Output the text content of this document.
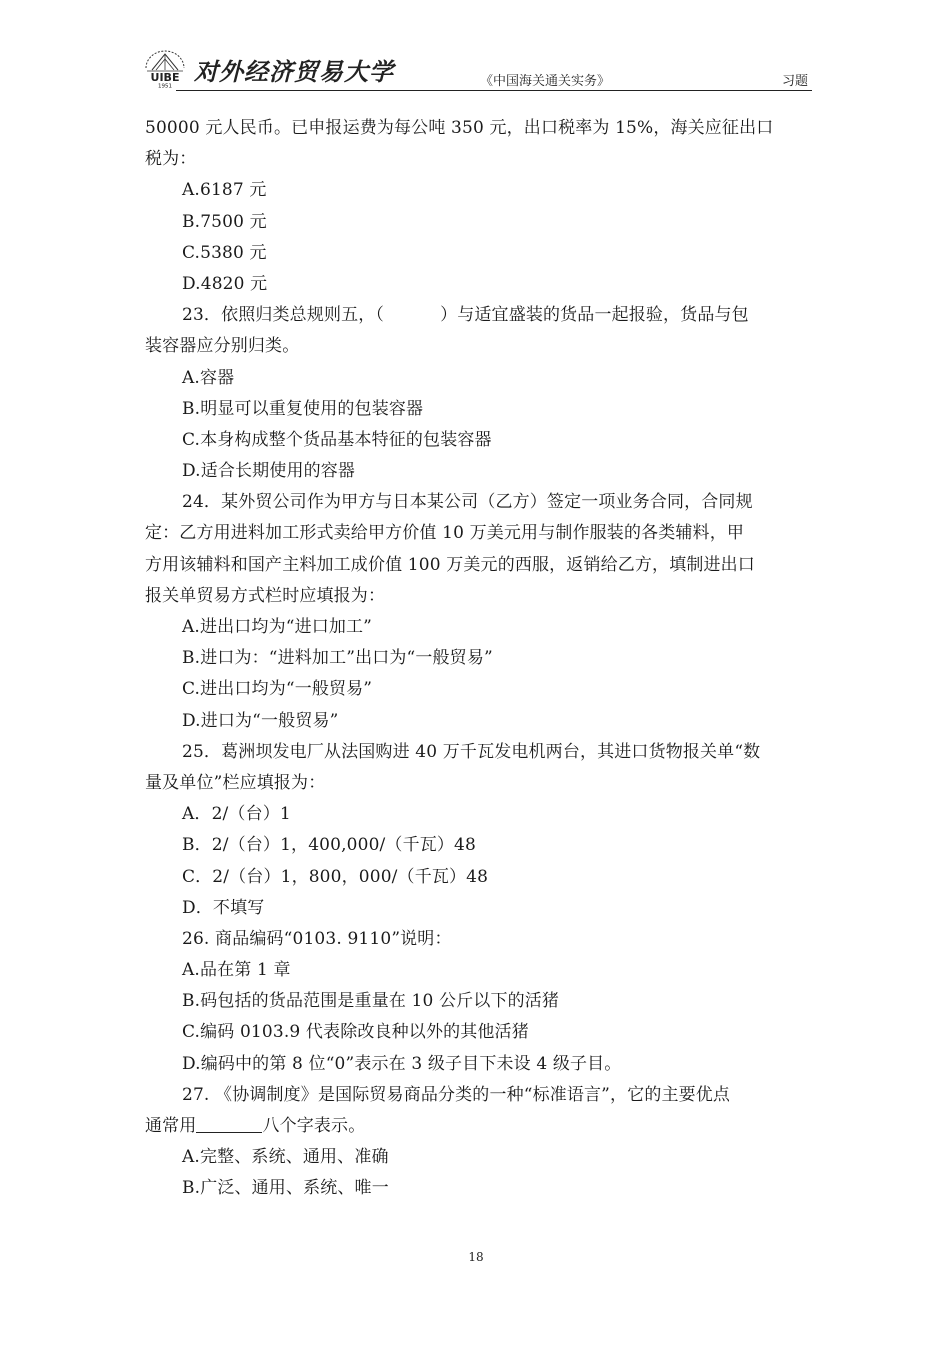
UIBE
1951
对外经济贸易大学	《中国海关通关实务》	习题
50000 元人民币。已申报运费为每公吨 350 元，出口税率为 15%，海关应征出口
税为：
A.6187 元
B.7500 元
C.5380 元
D.4820 元
23．依照归类总规则五，（	）与适宜盛装的货品一起报验，货品与包
装容器应分别归类。
A.容器
B.明显可以重复使用的包装容器
C.本身构成整个货品基本特征的包装容器
D.适合长期使用的容器
24．某外贸公司作为甲方与日本某公司（乙方）签定一项业务合同，合同规
定：乙方用进料加工形式卖给甲方价值 10 万美元用与制作服装的各类辅料，甲
方用该辅料和国产主料加工成价值 100 万美元的西服，返销给乙方，填制进出口
报关单贸易方式栏时应填报为：
A.进出口均为“进口加工”
B.进口为：“进料加工”出口为“一般贸易”
C.进出口均为“一般贸易”
D.进口为“一般贸易”
25．葛洲坝发电厂从法国购进 40 万千瓦发电机两台，其进口货物报关单“数
量及单位”栏应填报为：
A．2/（台）1
B．2/（台）1，400,000/（千瓦）48
C．2/（台）1，800，000/（千瓦）48
D．不填写
26. 商品编码“0103. 9110”说明：
A.品在第 1 章
B.码包括的货品范围是重量在 10 公斤以下的活猪
C.编码 0103.9 代表除改良种以外的其他活猪
D.编码中的第 8 位“0”表示在 3 级子目下未设 4 级子目。
27. 《协调制度》是国际贸易商品分类的一种“标准语言”，它的主要优点
通常用	八个字表示。
A.完整、系统、通用、准确
B.广泛、通用、系统、唯一
18
